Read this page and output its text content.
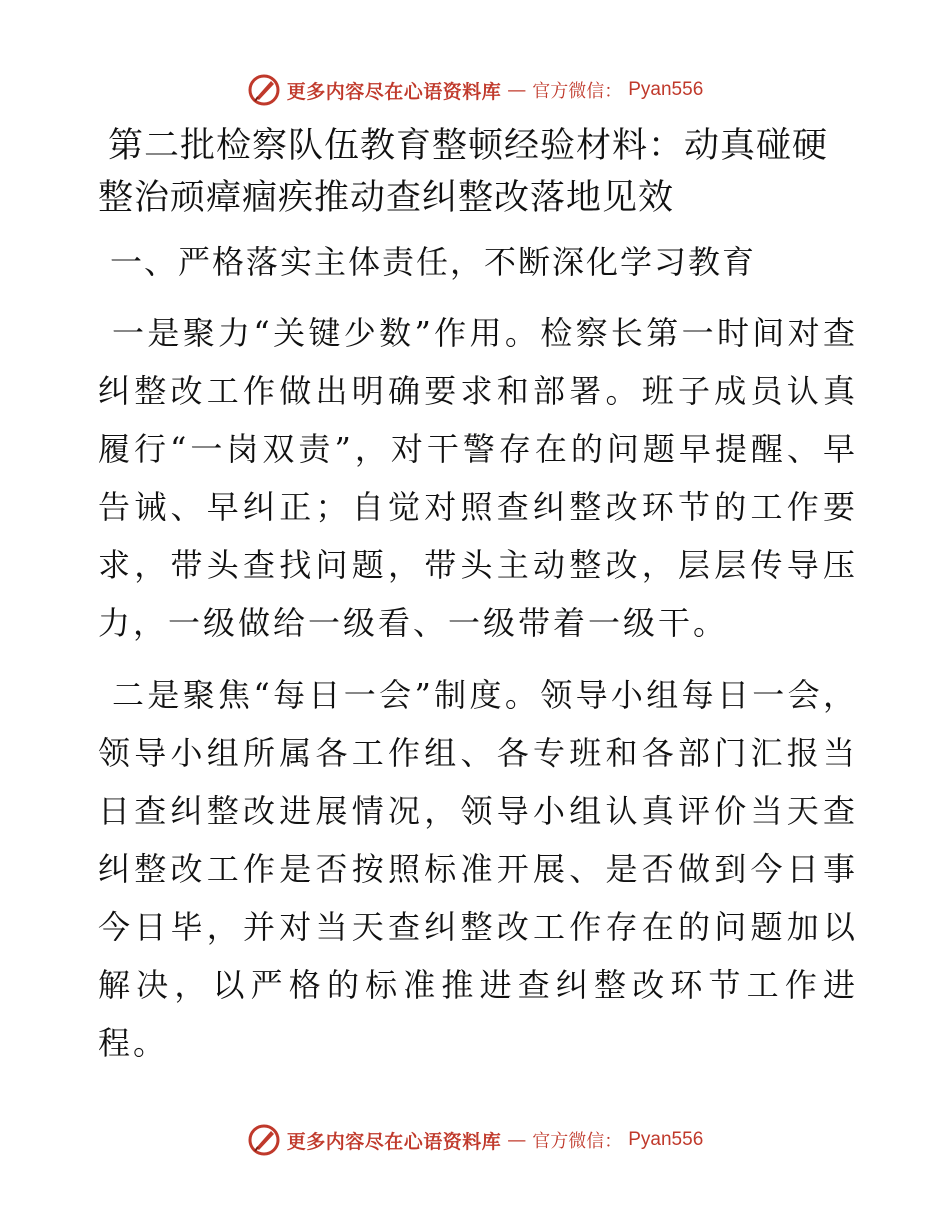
更多内容尽在心语资料库 — 官方微信： Pyan556
第二批检察队伍教育整顿经验材料：动真碰硬整治顽瘴痼疾推动查纠整改落地见效
一、严格落实主体责任，不断深化学习教育

一是聚力“关键少数”作用。检察长第一时间对查纠整改工作做出明确要求和部署。班子成员认真履行“一岗双责”，对干警存在的问题早提醒、早告诫、早纠正；自觉对照查纠整改环节的工作要求，带头查找问题，带头主动整改，层层传导压力，一级做给一级看、一级带着一级干。

二是聚焦“每日一会”制度。领导小组每日一会，领导小组所属各工作组、各专班和各部门汇报当日查纠整改进展情况，领导小组认真评价当天查纠整改工作是否按照标准开展、是否做到今日事今日毕，并对当天查纠整改工作存在的问题加以解决，以严格的标准推进查纠整改环节工作进程。

更多内容尽在心语资料库 — 官方微信： Pyan556
